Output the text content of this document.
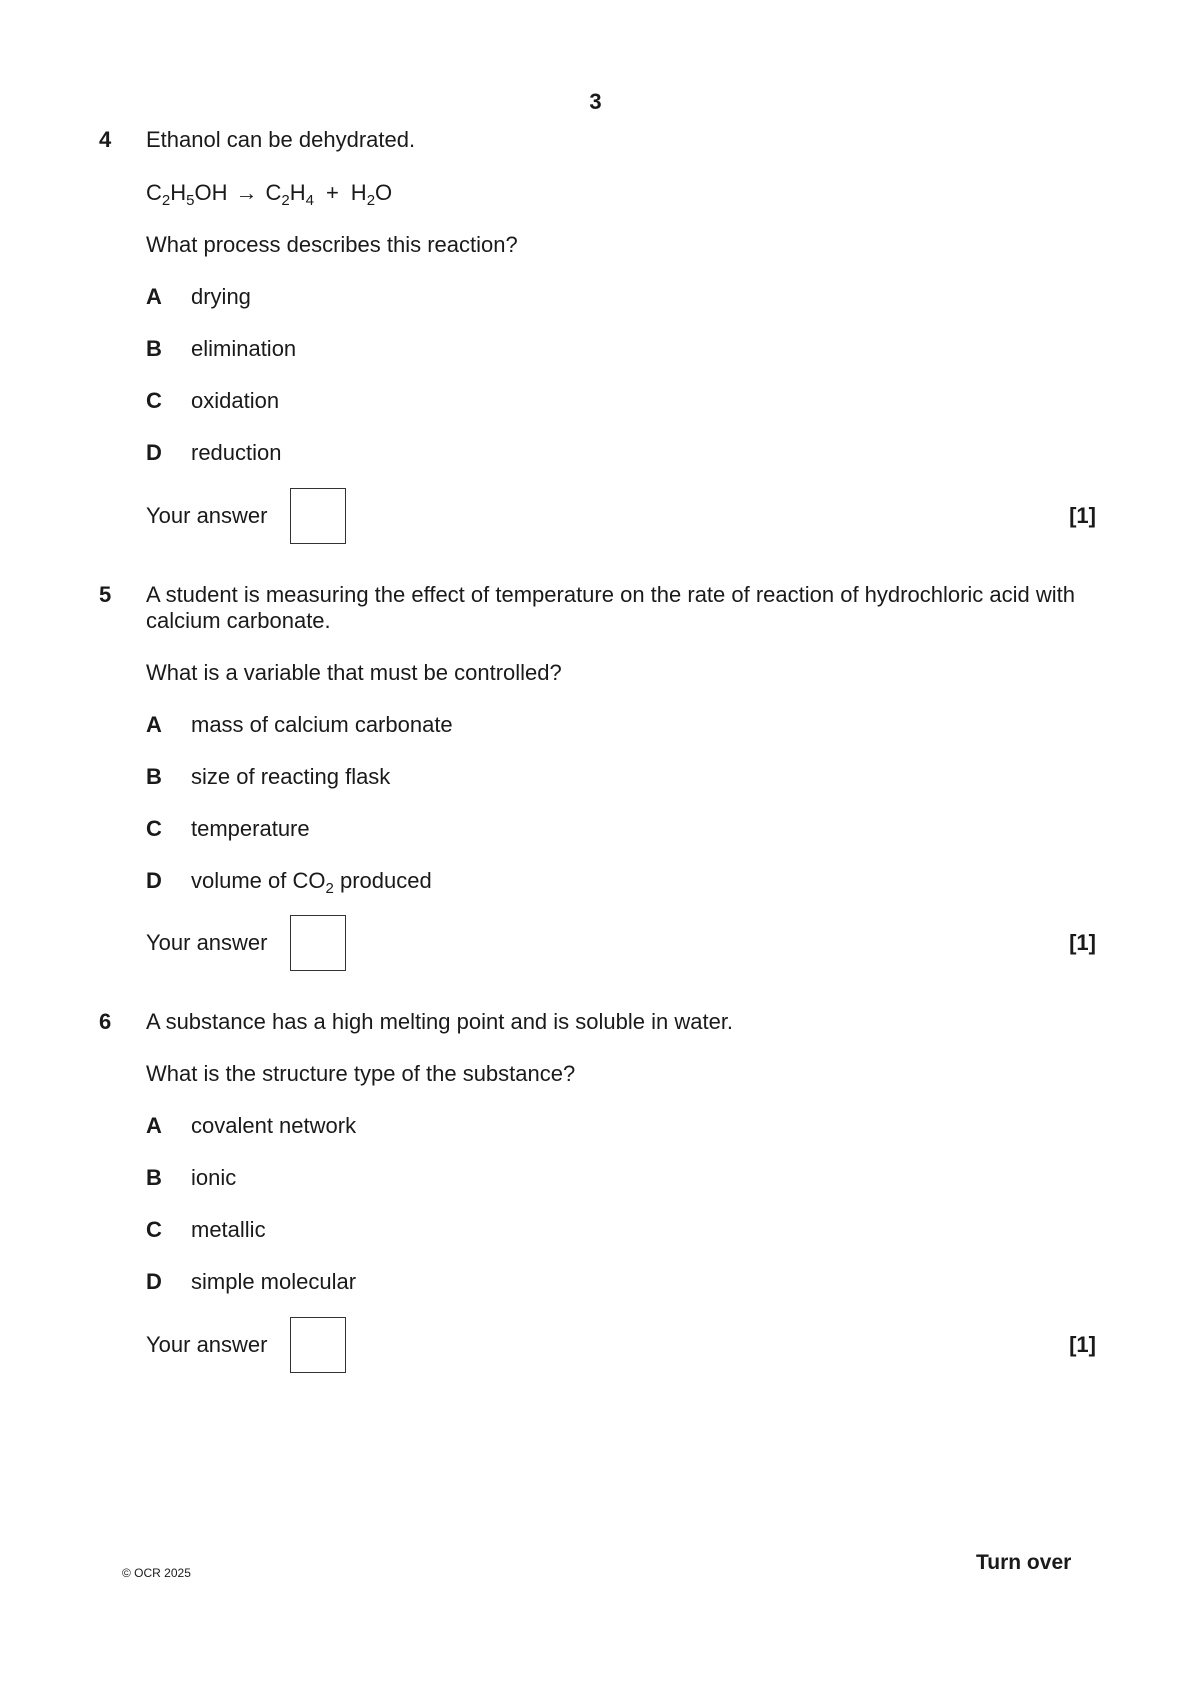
3
4 Ethanol can be dehydrated.
$C_2H_5OH \to C_2H_4 + H_2O$
What process describes this reaction?
A drying
B elimination
C oxidation
D reduction
Your answer	[1]
5 A student is measuring the effect of temperature on the rate of reaction of hydrochloric acid with calcium carbonate.
What is a variable that must be controlled?
A mass of calcium carbonate
B size of reacting flask
C temperature
D volume of $CO_2$ produced
Your answer	[1]
6 A substance has a high melting point and is soluble in water.
What is the structure type of the substance?
A covalent network
B ionic
C metallic
D simple molecular
Your answer	[1]
© OCR 2025	Turn over
